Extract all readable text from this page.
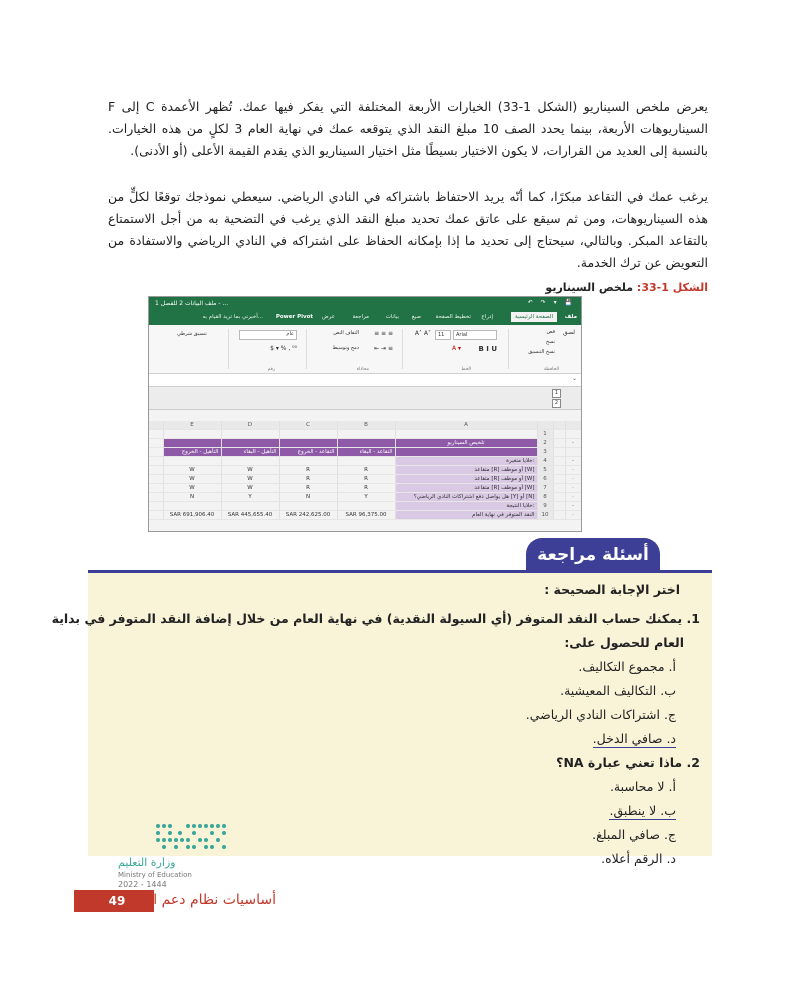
يعرض ملخص السيناريو (الشكل 1-33) الخيارات الأربعة المختلفة التي يفكر فيها عمك. تُظهر الأعمدة C إلى F السيناريوهات الأربعة، بينما يحدد الصف 10 مبلغ النقد الذي يتوقعه عمك في نهاية العام 3 لكلٍ من هذه الخيارات. بالنسبة إلى العديد من القرارات، لا يكون الاختيار بسيطًا مثل اختيار السيناريو الذي يقدم القيمة الأعلى (أو الأدنى).

يرغب عمك في التقاعد مبكرًا، كما أنّه يريد الاحتفاظ باشتراكه في النادي الرياضي. سيعطي نموذجك توقعًا لكلٍّ من هذه السيناريوهات، ومن ثم سيقع على عاتق عمك تحديد مبلغ النقد الذي يرغب في التضحية به من أجل الاستمتاع بالتقاعد المبكر. وبالتالي، سيحتاج إلى تحديد ما إذا بإمكانه الحفاظ على اشتراكه في النادي الرياضي والاستفادة من التعويض عن ترك الخدمة.

الشكل 1-33: ملخص السيناريو
ملف البيانات 2 للفصل 1 - ...	↶ ↷ ▾ 💾
ملف
الصفحة الرئيسية
إدراج
تخطيط الصفحة
صيغ
بيانات
مراجعة
عرض
Power Pivot
أخبرني بما تريد القيام به...
لصق
قص
نسخ
نسخ التنسيق
الحافظة
Arial
11
A˄ A˅
B I U
A ▾
الخط
≡ ≡ ≡
⇤ ⇥ ≡
التفاف النص
دمج وتوسيط
محاذاة
عام
$ ▾ % , ⁰⁰
رقم
تنسيق شرطي
⌄
1
2
	E	D	C	B	A			
						1		
					تلخيص السيناريو	2		-
	التأهيل - الخروج	التأهيل - البقاء	التقاعد - الخروج	التقاعد - البقاء		3		
					خلايا متغيرة:	4		-
	W	W	R	R	متقاعد [R] أو موظف [W]	5		·
	W	W	R	R	متقاعد [R] أو موظف [W]	6		·
	W	W	R	R	متقاعد [R] أو موظف [W]	7		·
	N	Y	N	Y	هل يواصل دفع اشتراكات النادي الرياضي؟ [Y] أو [N]	8		·
					خلايا النتيجة:	9		-
	SAR 691,906.40	SAR 445,655.40	SAR 242,625.00	SAR 96,375.00	النقد المتوفر في نهاية العام	10		·
أسئلة مراجعة
اختر الإجابة الصحيحة :
1. يمكنك حساب النقد المتوفر (أي السيولة النقدية) في نهاية العام من خلال إضافة النقد المتوفر في بداية
العام للحصول على:
أ. مجموع التكاليف.
ب. التكاليف المعيشية.
ج. اشتراكات النادي الرياضي.
د. صافي الدخل.
2. ماذا تعني عبارة NA؟
أ. لا محاسبة.
ب. لا ينطبق.
ج. صافي المبلغ.
د. الرقم أعلاه.
وزارة التعليم
Ministry of Education
2022 - 1444
49
أساسيات نظام دعم القرار
